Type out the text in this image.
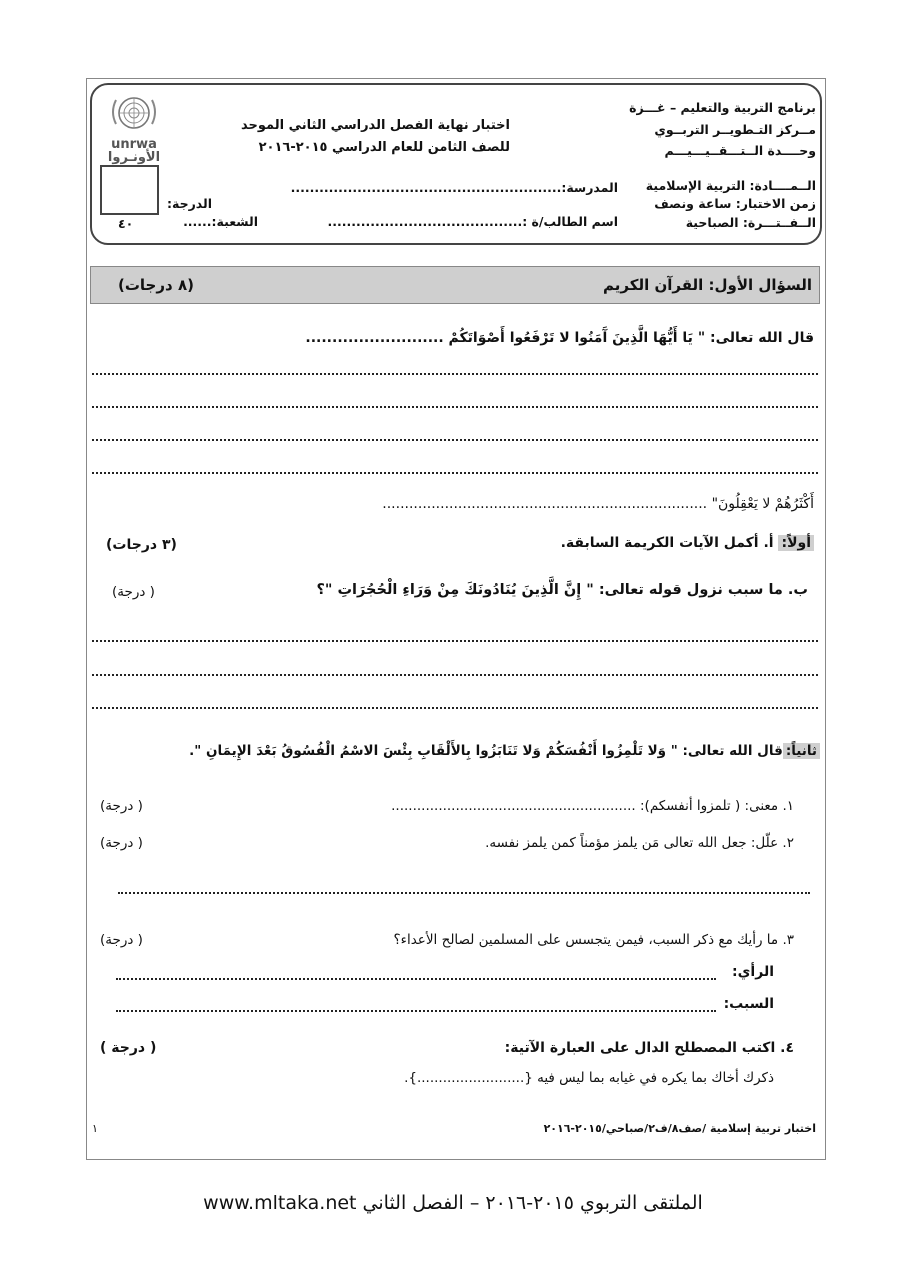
unrwa
الأونـروا
٤٠
برنامج التربية والتعليم – غـــزة
مــركز التـطويــر التربــوي
وحــــدة الــتـــقــيـــيـــم
اختبار نهاية الفصل الدراسي الثاني الموحد
للصف الثامن للعام الدراسي ٢٠١٥-٢٠١٦
الــمــــادة: التربية الإسلامية
زمن الاختبار: ساعة ونصف
الــفــتـــرة: الصباحية
المدرسة:.........................................................
اسم الطالب/ة :.........................................
الشعبة:......
الدرجة:
السؤال الأول: القرآن الكريم
(٨ درجات)
قال الله تعالى: " يَا أَيُّهَا الَّذِينَ آَمَنُوا لا تَرْفَعُوا أَصْوَاتَكُمْ ..........................
أَكْثَرُهُمْ لا يَعْقِلُونَ" .........................................................................
أولاً: أ. أكمل الآيات الكريمة السابقة.
(٣ درجات)
ب. ما سبب نزول قوله تعالى: " إِنَّ الَّذِينَ يُنَادُونَكَ مِنْ وَرَاءِ الْحُجُرَاتِ "؟
( درجة)
ثانياً:قال الله تعالى: " وَلا تَلْمِزُوا أَنْفُسَكُمْ وَلا تَنَابَزُوا بِالأَلْقَابِ بِئْسَ الاسْمُ الْفُسُوقُ بَعْدَ الإِيمَانِ ".
١. معنى: ( تلمزوا أنفسكم): .........................................................
( درجة)
٢. علّل: جعل الله تعالى مَن يلمز مؤمناً كمن يلمز نفسه.
( درجة)
٣. ما رأيك مع ذكر السبب، فيمن يتجسس على المسلمين لصالح الأعداء؟
( درجة)
الرأي:
السبب:
٤. اكتب المصطلح الدال على العبارة الآتية:
( درجة )
ذكرك أخاك بما يكره في غيابه بما ليس فيه {.........................}.
اختبار تربية إسلامية /صف٨/ف٢/صباحي/٢٠١٥-٢٠١٦
١
الملتقى التربوي ٢٠١٥-٢٠١٦ – الفصل الثاني www.mltaka.net
